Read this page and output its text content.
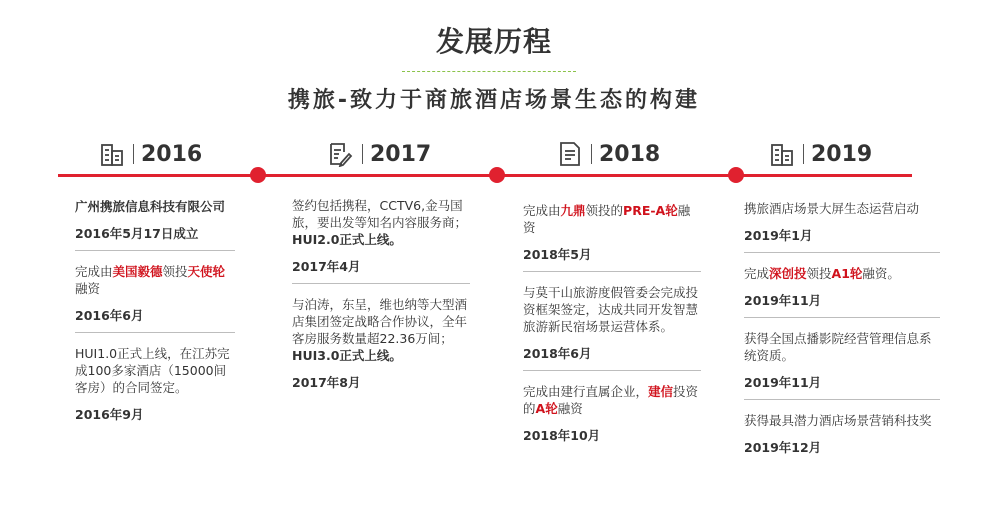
发展历程
携旅-致力于商旅酒店场景生态的构建
2016	2017	2018	2019
广州携旅信息科技有限公司
2016年5月17日成立
完成由美国毅德领投天使轮融资
2016年6月
HUI1.0正式上线，在江苏完成100多家酒店（15000间客房）的合同签定。
2016年9月
签约包括携程，CCTV6,金马国旅，要出发等知名内容服务商；HUI2.0正式上线。
2017年4月
与泊涛，东呈，维也纳等大型酒店集团签定战略合作协议，全年客房服务数量超22.36万间；HUI3.0正式上线。
2017年8月
完成由九鼎领投的PRE-A轮融资
2018年5月
与莫干山旅游度假管委会完成投资框架签定，达成共同开发智慧旅游新民宿场景运营体系。
2018年6月
完成由建行直属企业，建信投资的A轮融资
2018年10月
携旅酒店场景大屏生态运营启动
2019年1月
完成深创投领投A1轮融资。
2019年11月
获得全国点播影院经营管理信息系统资质。
2019年11月
获得最具潜力酒店场景营销科技奖
2019年12月
